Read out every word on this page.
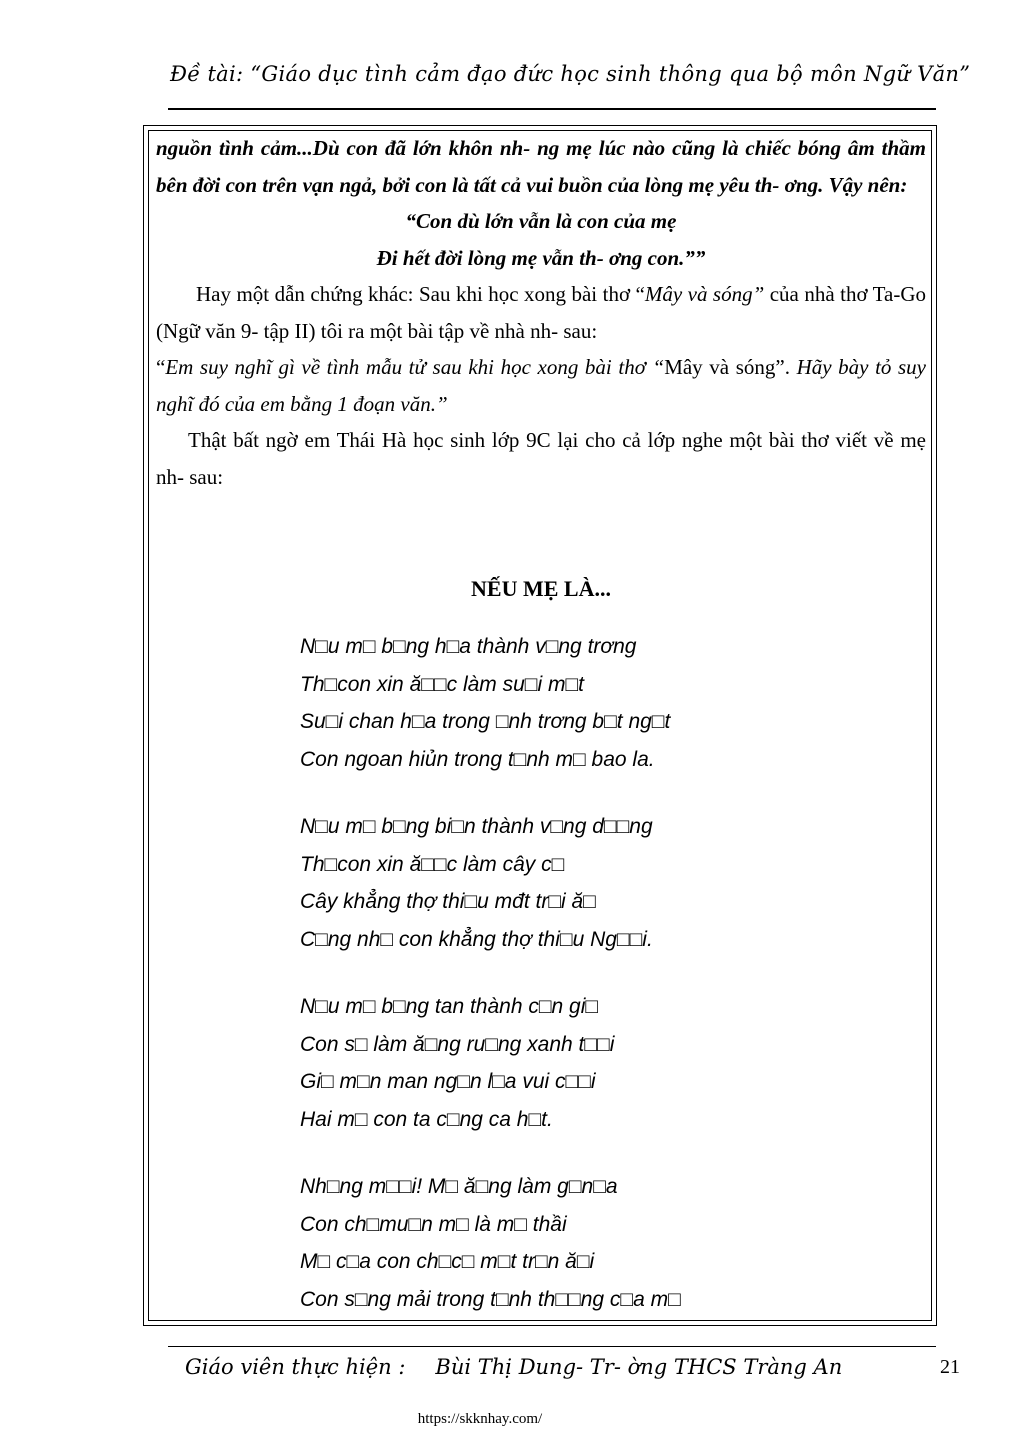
Đề tài: “Giáo dục tình cảm đạo đức học sinh thông qua bộ môn Ngữ Văn”

nguồn tình cảm...Dù con đã lớn khôn nh- ng mẹ lúc nào cũng là chiếc bóng âm thầm bên đời con trên vạn ngả, bởi con là tất cả vui buồn của lòng mẹ yêu th- ơng. Vậy nên:

“Con dù lớn vẫn là con của mẹ

Đi hết đời lòng mẹ vẫn th- ơng con.””

Hay một dẫn chứng khác: Sau khi học xong bài thơ “Mây và sóng” của nhà thơ Ta-Go (Ngữ văn 9- tập II) tôi ra một bài tập về nhà nh- sau:

“Em suy nghĩ gì về tình mẫu tử sau khi học xong bài thơ “Mây và sóng”. Hãy bày tỏ suy nghĩ đó của em bằng 1 đoạn văn.”

Thật bất ngờ em Thái Hà học sinh lớp 9C lại cho cả lớp nghe một bài thơ viết về mẹ nh- sau:

NẾU MẸ LÀ...
N□u m□ b□ng h□a thành v□ng trơng
Th□con xin ă□□c làm su□i m□t
Su□i chan h□a trong □nh trơng b□t ng□t
Con ngoan hiủn trong t□nh m□ bao la.
N□u m□ b□ng bi□n thành v□ng d□□ng
Th□con xin ă□□c làm cây c□
Cây khẳng thợ thi□u mđt tr□i ă□
C□ng nh□ con khẳng thợ thi□u Ng□□i.
N□u m□ b□ng tan thành c□n gi□
Con s□ làm ă□ng ru□ng xanh t□□i
Gi□ m□n man ng□n l□a vui c□□i
Hai m□ con ta c□ng ca h□t.
Nh□ng m□□i! M□ ă□ng làm g□n□a
Con ch□mu□n m□ là m□ thầi
M□ c□a con ch□c□ m□t tr□n ă□i
Con s□ng mải trong t□nh th□□ng c□a m□
Giáo viên thực hiện : Bùi Thị Dung- Tr- ờng THCS Tràng An	21
https://skknhay.com/
